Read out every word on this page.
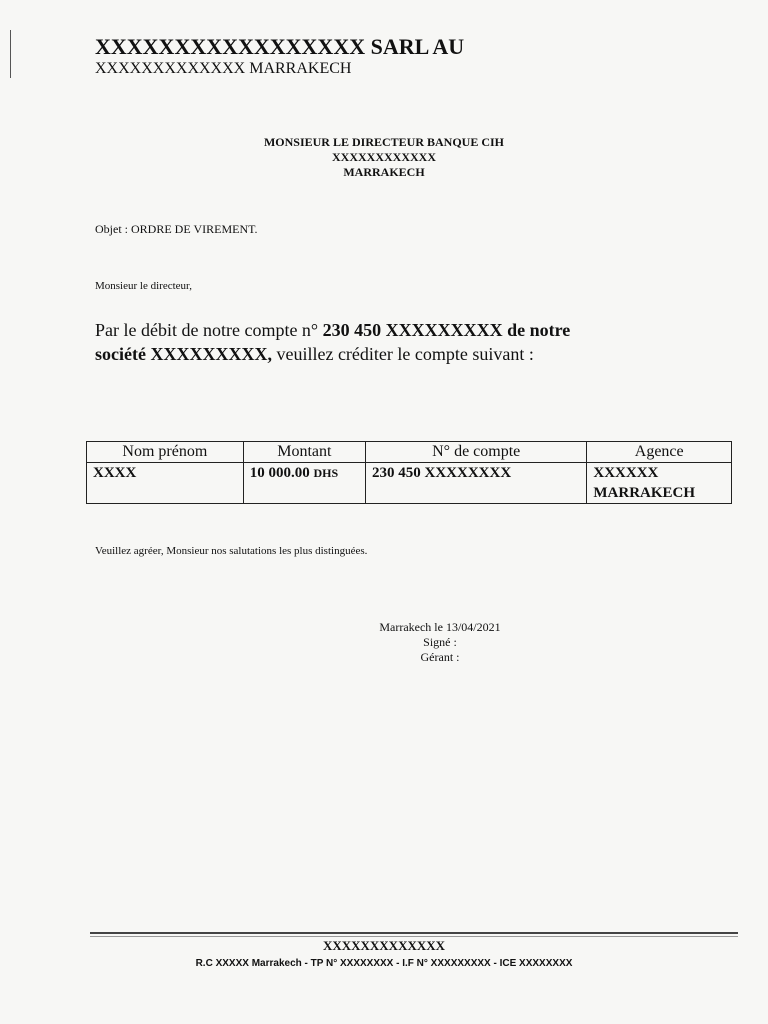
XXXXXXXXXXXXXXXXX SARL AU
XXXXXXXXXXXXX MARRAKECH
MONSIEUR LE DIRECTEUR BANQUE CIH
XXXXXXXXXXXX
MARRAKECH
Objet : ORDRE DE VIREMENT.
Monsieur le directeur,
Par le débit de notre compte n° 230 450 XXXXXXXXX de notre
société XXXXXXXXX, veuillez créditer le compte suivant :
Nom prénom	Montant	N° de compte	Agence
XXXX	10 000.00 DHS	230 450 XXXXXXXX	XXXXXX
MARRAKECH
Veuillez agréer, Monsieur nos salutations les plus distinguées.
Marrakech le 13/04/2021
Signé :
Gérant :
XXXXXXXXXXXXX
R.C XXXXX Marrakech - TP N° XXXXXXXX - I.F N° XXXXXXXXX - ICE XXXXXXXX
